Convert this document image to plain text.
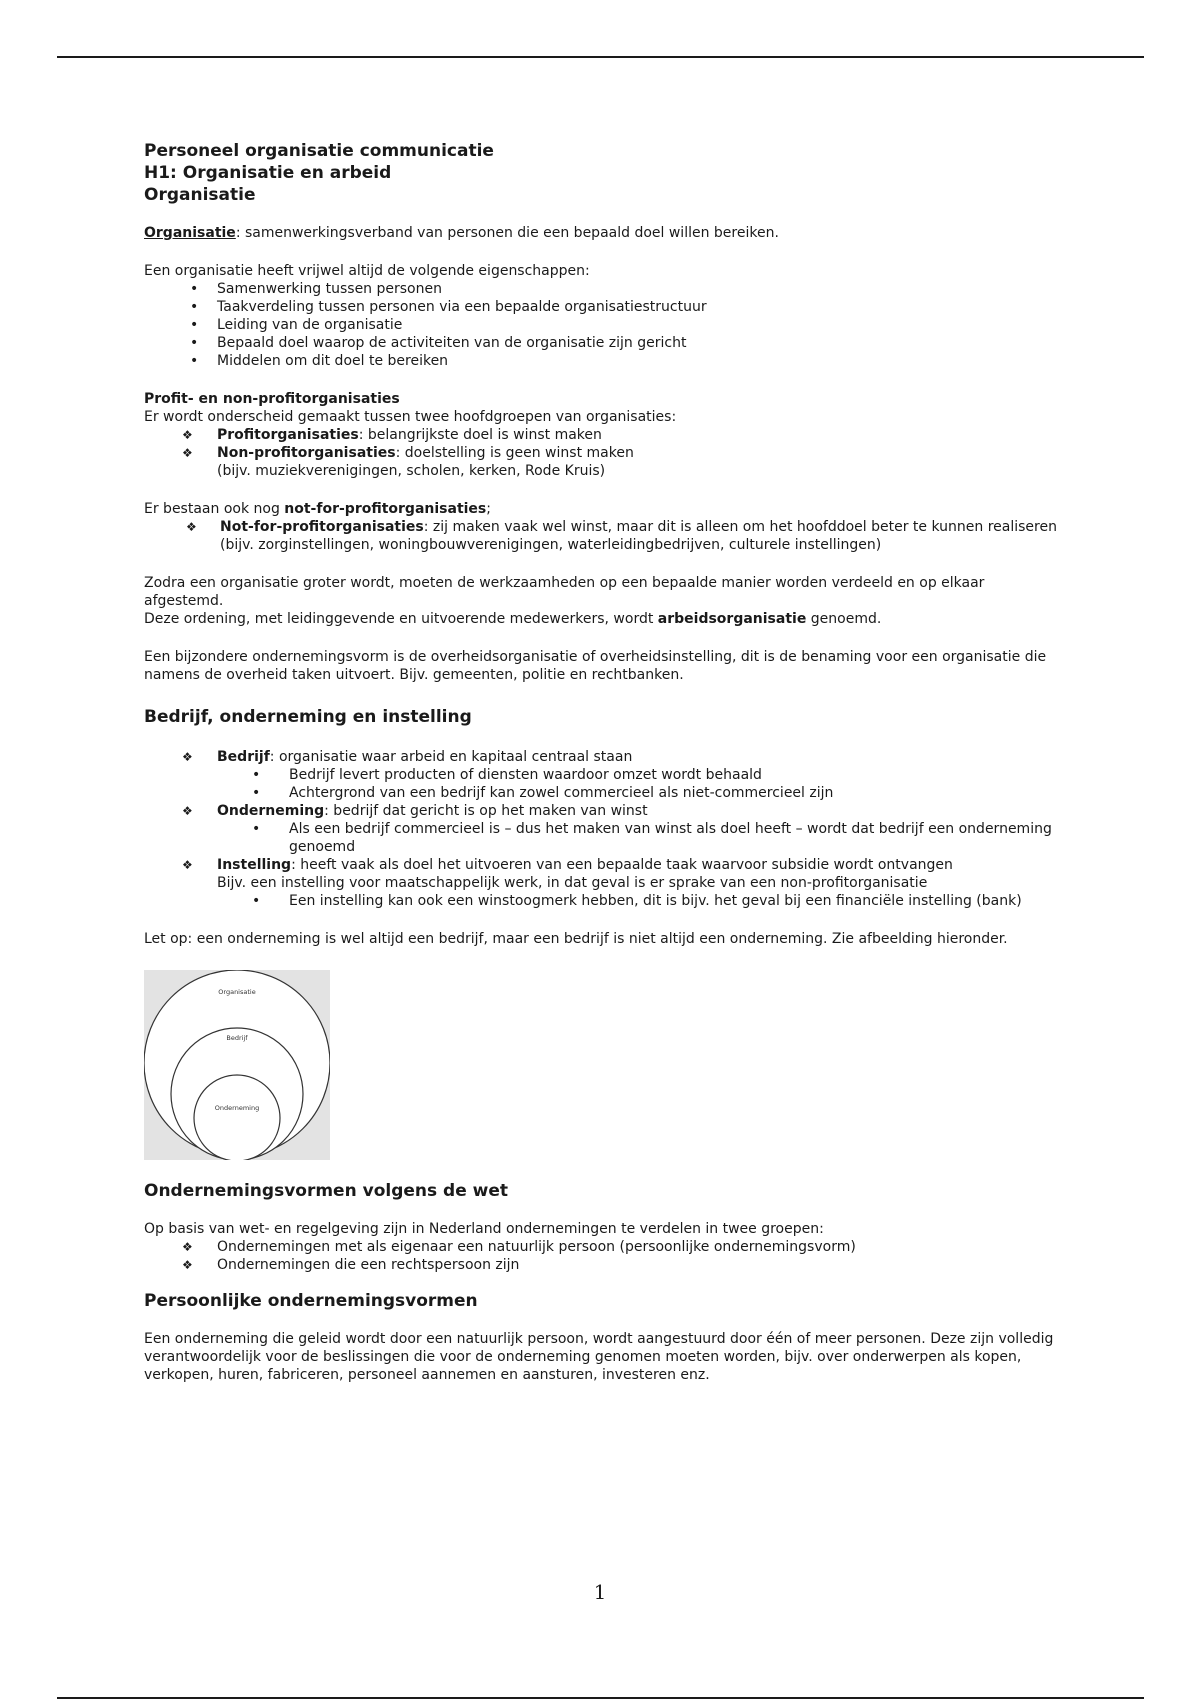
Personeel organisatie communicatie

H1: Organisatie en arbeid

Organisatie

Organisatie: samenwerkingsverband van personen die een bepaald doel willen bereiken.

Een organisatie heeft vrijwel altijd de volgende eigenschappen:

• Samenwerking tussen personen
• Taakverdeling tussen personen via een bepaalde organisatiestructuur
• Leiding van de organisatie
• Bepaald doel waarop de activiteiten van de organisatie zijn gericht
• Middelen om dit doel te bereiken

Profit- en non-profitorganisaties

Er wordt onderscheid gemaakt tussen twee hoofdgroepen van organisaties:

❖ Profitorganisaties: belangrijkste doel is winst maken
❖ Non-profitorganisaties: doelstelling is geen winst maken

(bijv. muziekverenigingen, scholen, kerken, Rode Kruis)

Er bestaan ook nog not-for-profitorganisaties;

❖ Not-for-profitorganisaties: zij maken vaak wel winst, maar dit is alleen om het hoofddoel beter te kunnen realiseren

(bijv. zorginstellingen, woningbouwverenigingen, waterleidingbedrijven, culturele instellingen)

Zodra een organisatie groter wordt, moeten de werkzaamheden op een bepaalde manier worden verdeeld en op elkaar afgestemd.

Deze ordening, met leidinggevende en uitvoerende medewerkers, wordt arbeidsorganisatie genoemd.

Een bijzondere ondernemingsvorm is de overheidsorganisatie of overheidsinstelling, dit is de benaming voor een organisatie die namens de overheid taken uitvoert. Bijv. gemeenten, politie en rechtbanken.

Bedrijf, onderneming en instelling

❖ Bedrijf: organisatie waar arbeid en kapitaal centraal staan
• Bedrijf levert producten of diensten waardoor omzet wordt behaald
• Achtergrond van een bedrijf kan zowel commercieel als niet-commercieel zijn
❖ Onderneming: bedrijf dat gericht is op het maken van winst
• Als een bedrijf commercieel is – dus het maken van winst als doel heeft – wordt dat bedrijf een onderneming genoemd
❖ Instelling: heeft vaak als doel het uitvoeren van een bepaalde taak waarvoor subsidie wordt ontvangen

Bijv. een instelling voor maatschappelijk werk, in dat geval is er sprake van een non-profitorganisatie

• Een instelling kan ook een winstoogmerk hebben, dit is bijv. het geval bij een financiële instelling (bank)

Let op: een onderneming is wel altijd een bedrijf, maar een bedrijf is niet altijd een onderneming. Zie afbeelding hieronder.

Organisatie
Bedrijf
Onderneming

Ondernemingsvormen volgens de wet

Op basis van wet- en regelgeving zijn in Nederland ondernemingen te verdelen in twee groepen:

❖ Ondernemingen met als eigenaar een natuurlijk persoon (persoonlijke ondernemingsvorm)
❖ Ondernemingen die een rechtspersoon zijn

Persoonlijke ondernemingsvormen

Een onderneming die geleid wordt door een natuurlijk persoon, wordt aangestuurd door één of meer personen. Deze zijn volledig verantwoordelijk voor de beslissingen die voor de onderneming genomen moeten worden, bijv. over onderwerpen als kopen, verkopen, huren, fabriceren, personeel aannemen en aansturen, investeren enz.

1
